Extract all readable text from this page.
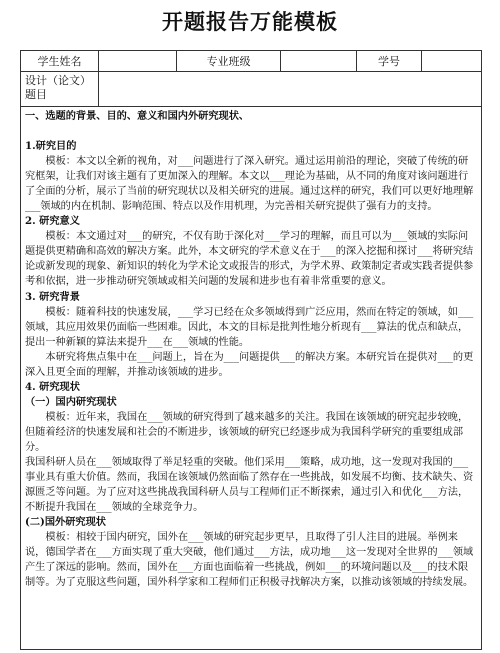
开题报告万能模板
学生姓名	专业班级	学号
设计（论文）题目

一、选题的背景、目的、意义和国内外研究现状、

1.研究目的

模板：本文以全新的视角，对___问题进行了深入研究。通过运用前沿的理论，突破了传统的研究框架，让我们对该主题有了更加深入的理解。本文以___理论为基础，从不同的角度对该问题进行了全面的分析，展示了当前的研究现状以及相关研究的进展。通过这样的研究，我们可以更好地理解___领域的内在机制、影响范围、特点以及作用机理，为完善相关研究提供了强有力的支持。

2. 研究意义

模板：本文通过对___的研究，不仅有助于深化对___学习的理解，而且可以为___领域的实际问题提供更精确和高效的解决方案。此外，本文研究的学术意义在于___的深入挖掘和探讨___将研究结论或新发现的现象、新知识的转化为学术论文或报告的形式，为学术界、政策制定者或实践者提供参考和依据，进一步推动研究领域或相关问题的发展和进步也有着非常重要的意义。

3. 研究背景

模板：随着科技的快速发展，___学习已经在众多领域得到广泛应用，然而在特定的领域，如___领域，其应用效果仍面临一些困难。因此，本文的目标是批判性地分析现有___算法的优点和缺点，提出一种新颖的算法来提升___在___领域的性能。

本研究将焦点集中在___问题上，旨在为___问题提供___的解决方案。本研究旨在提供对___的更深入且更全面的理解，并推动该领域的进步。

4. 研究现状

（一）国内研究现状

模板：近年来，我国在___领域的研究得到了越来越多的关注。我国在该领域的研究起步较晚，但随着经济的快速发展和社会的不断进步，该领域的研究已经逐步成为我国科学研究的重要组成部分。

我国科研人员在___领域取得了举足轻重的突破。他们采用___策略，成功地，这一发现对我国的___事业具有重大价值。然而，我国在该领域仍然面临了然存在一些挑战，如发展不均衡、技术缺失、资源匮乏等问题。为了应对这些挑战我国科研人员与工程师们正不断探索，通过引入和优化___方法，不断提升我国在___领域的全球竞争力。

(二)国外研究现状

模板：相较于国内研究，国外在___领域的研究起步更早，且取得了引人注目的进展。举例来说，德国学者在___方面实现了重大突破，他们通过___方法，成功地___这一发现对全世界的___领域产生了深远的影响。然而，国外在___方面也面临着一些挑战，例如___的环境问题以及___的技术限制等。为了克服这些问题，国外科学家和工程师们正积极寻找解决方案，以推动该领域的持续发展。
